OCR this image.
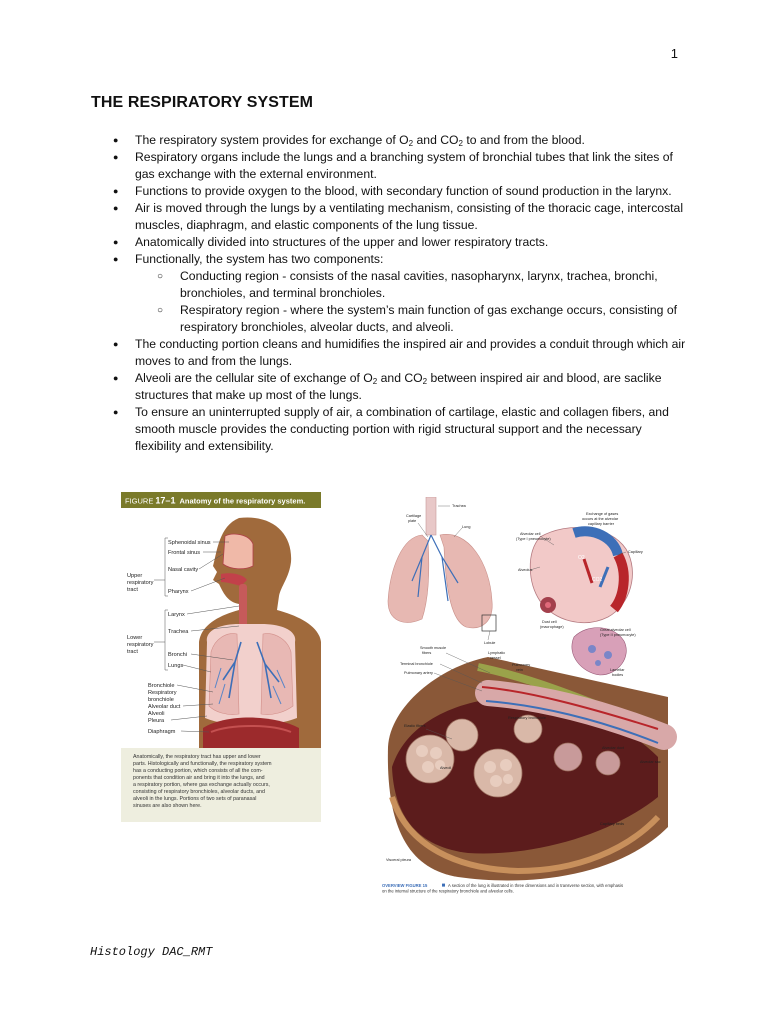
1
THE RESPIRATORY SYSTEM
● The respiratory system provides for exchange of $O_2$ and $CO_2$ to and from the blood.
● Respiratory organs include the lungs and a branching system of bronchial tubes that link the sites of gas exchange with the external environment.
● Functions to provide oxygen to the blood, with secondary function of sound production in the larynx.
● Air is moved through the lungs by a ventilating mechanism, consisting of the thoracic cage, intercostal muscles, diaphragm, and elastic components of the lung tissue.
● Anatomically divided into structures of the upper and lower respiratory tracts.
● Functionally, the system has two components:
○ Conducting region - consists of the nasal cavities, nasopharynx, larynx, trachea, bronchi, bronchioles, and terminal bronchioles.
○ Respiratory region - where the system’s main function of gas exchange occurs, consisting of respiratory bronchioles, alveolar ducts, and alveoli.
● The conducting portion cleans and humidifies the inspired air and provides a conduit through which air moves to and from the lungs.
● Alveoli are the cellular site of exchange of $O_2$ and $CO_2$ between inspired air and blood, are saclike structures that make up most of the lungs.
● To ensure an uninterrupted supply of air, a combination of cartilage, elastic and collagen fibers, and smooth muscle provides the conducting portion with rigid structural support and the necessary flexibility and extensibility.
FIGURE 17–1 Anatomy of the respiratory system.
Sphenoidal sinus
Frontal sinus
Nasal cavity
Pharynx
Larynx
Trachea
Bronchi
Lungs
Bronchiole
Respiratory
bronchiole
Alveolar duct
Alveoli
Pleura
Diaphragm
Upper
respiratory
tract
Lower
respiratory
tract
Anatomically, the respiratory tract has upper and lower
parts. Histologically and functionally, the respiratory system
has a conducting portion, which consists of all the com-
ponents that condition air and bring it into the lungs, and
a respiratory portion, where gas exchange actually occurs,
consisting of respiratory bronchioles, alveolar ducts, and
alveoli in the lungs. Portions of two sets of paranasal
sinuses are also shown here.
O2
CO2
Trachea
Cartilage
plate
Lung
Lobule
Smooth muscle
fibers
Terminal bronchiole
Pulmonary artery
Lymphatic
vessel
Pulmonary
vein
Elastic fibers
Alveoli
Visceral pleura
Capillary beds
Respiratory bronchiole
Alveolar duct
Alveolar sac
Alveolus
Alveolar cell
(Type I pneumocyte)
Exchange of gases
occurs at the alveolar
capillary barrier
Capillary
Dust cell
(macrophage)
Great alveolar cell
(Type II pneumocyte)
Lamellar
bodies
OVERVIEW FIGURE 15	A section of the lung is illustrated in three dimensions and in transverse section, with emphasis
on the internal structure of the respiratory bronchiole and alveolar cells.
Histology DAC_RMT
